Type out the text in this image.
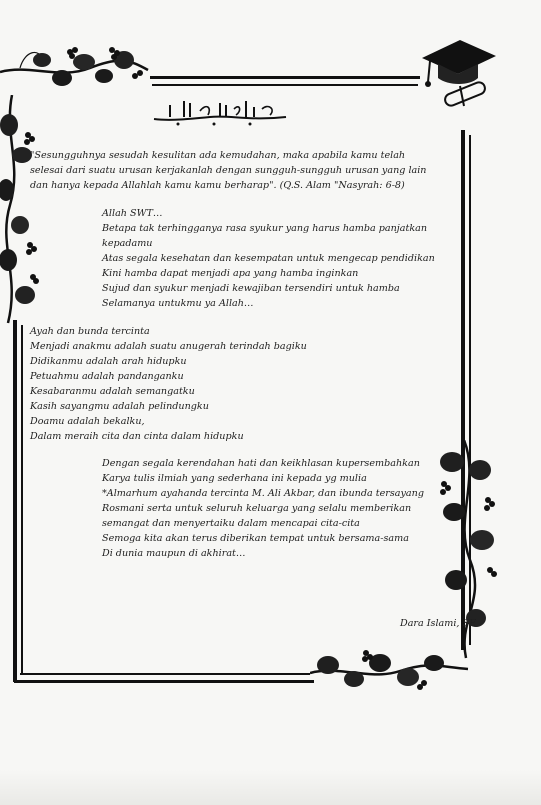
"Sesungguhnya sesudah kesulitan ada kemudahan, maka apabila kamu telah
selesai dari suatu urusan kerjakanlah dengan sungguh-sungguh urusan yang lain
dan hanya kepada Allahlah kamu kamu berharap". (Q.S. Alam "Nasyrah: 6-8)
Allah SWT…
Betapa tak terhingganya rasa syukur yang harus hamba panjatkan
kepadamu
Atas segala kesehatan dan kesempatan untuk mengecap pendidikan
Kini hamba dapat menjadi apa yang hamba inginkan
Sujud dan syukur menjadi kewajiban tersendiri untuk hamba
Selamanya untukmu ya Allah…
Ayah dan bunda tercinta
Menjadi anakmu adalah suatu anugerah terindah bagiku
Didikanmu adalah arah hidupku
Petuahmu adalah pandanganku
Kesabaranmu adalah semangatku
Kasih sayangmu adalah pelindungku
Doamu adalah bekalku,
Dalam meraih cita dan cinta dalam hidupku
Dengan segala kerendahan hati dan keikhlasan kupersembahkan
Karya tulis ilmiah yang sederhana ini kepada yg mulia
*Almarhum ayahanda tercinta M. Ali Akbar, dan ibunda tersayang
Rosmani serta untuk seluruh keluarga yang selalu memberikan
semangat dan menyertaiku dalam mencapai cita-cita
Semoga kita akan terus diberikan tempat untuk bersama-sama
Di dunia maupun di akhirat…
Dara Islami, SE
